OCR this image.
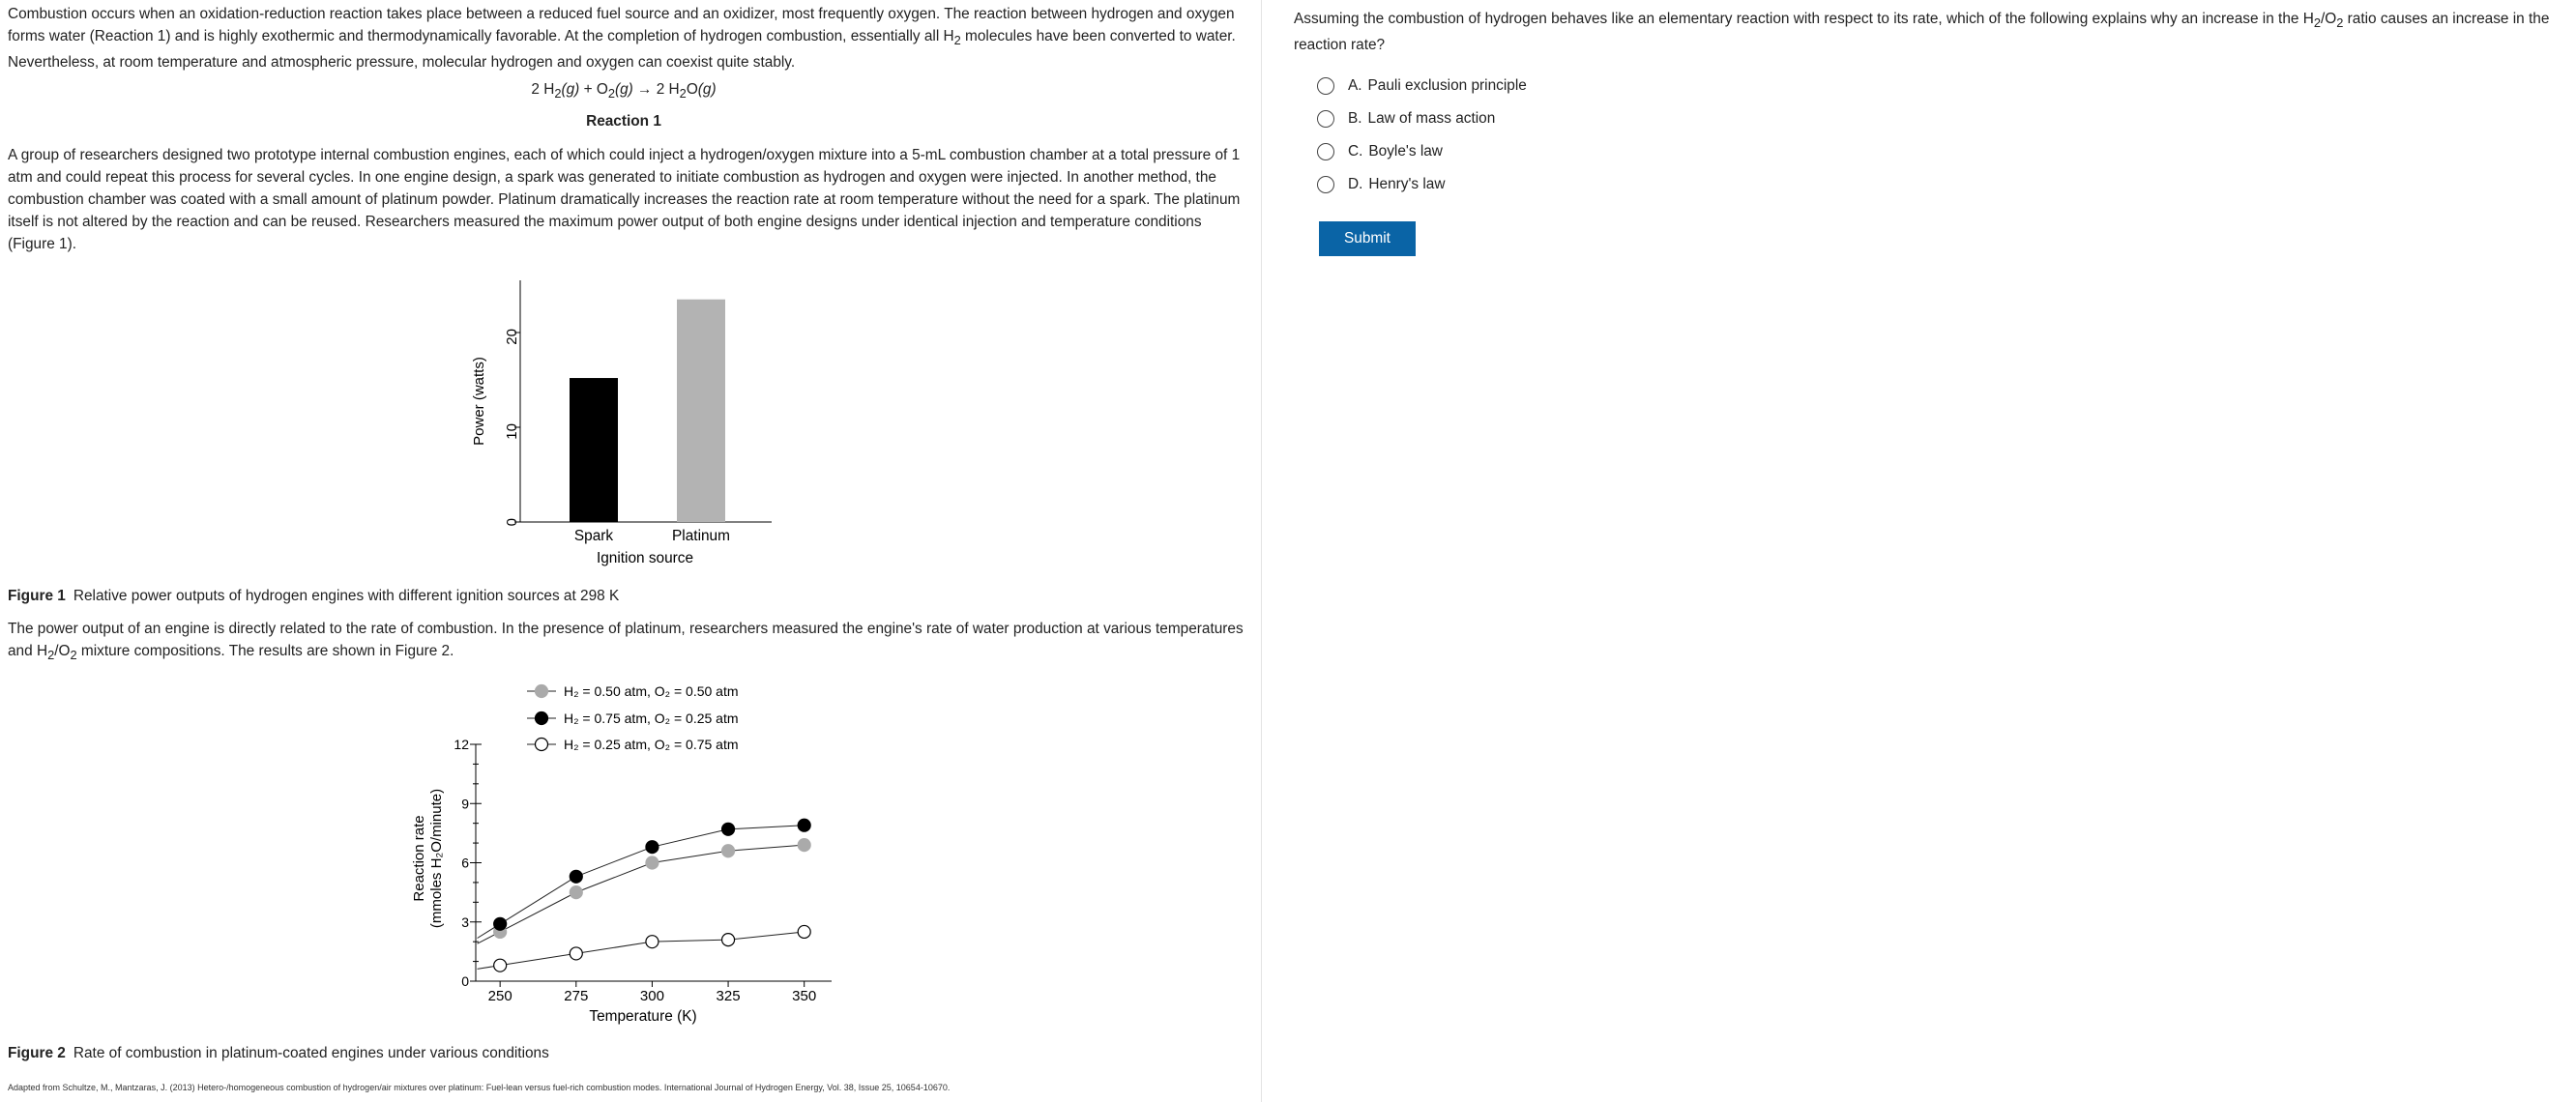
Combustion occurs when an oxidation-reduction reaction takes place between a reduced fuel source and an oxidizer, most frequently oxygen. The reaction between hydrogen and oxygen forms water (Reaction 1) and is highly exothermic and thermodynamically favorable. At the completion of hydrogen combustion, essentially all $H_2$ molecules have been converted to water. Nevertheless, at room temperature and atmospheric pressure, molecular hydrogen and oxygen can coexist quite stably.

2 $H_2(g) + O_2(g) \to 2$ $H_2O(g)$
Reaction 1

A group of researchers designed two prototype internal combustion engines, each of which could inject a hydrogen/oxygen mixture into a 5-mL combustion chamber at a total pressure of 1 atm and could repeat this process for several cycles. In one engine design, a spark was generated to initiate combustion as hydrogen and oxygen were injected. In another method, the combustion chamber was coated with a small amount of platinum powder. Platinum dramatically increases the reaction rate at room temperature without the need for a spark. The platinum itself is not altered by the reaction and can be reused. Researchers measured the maximum power output of both engine designs under identical injection and temperature conditions (Figure 1).

0
10
20
Spark	Platinum
Power (watts)
Ignition source
Figure 1 Relative power outputs of hydrogen engines with different ignition sources at 298 K

The power output of an engine is directly related to the rate of combustion. In the presence of platinum, researchers measured the engine's rate of water production at various temperatures and $H_2/O_2$ mixture compositions. The results are shown in Figure 2.

H₂ = 0.50 atm, O₂ = 0.50 atm
H₂ = 0.75 atm, O₂ = 0.25 atm
H₂ = 0.25 atm, O₂ = 0.75 atm
0
3
6
9
12
250	275	300	325	350
Reaction rate (mmoles H₂O/minute)
Temperature (K)
Figure 2 Rate of combustion in platinum-coated engines under various conditions
Adapted from Schultze, M., Mantzaras, J. (2013) Hetero-/homogeneous combustion of hydrogen/air mixtures over platinum: Fuel-lean versus fuel-rich combustion modes. International Journal of Hydrogen Energy, Vol. 38, Issue 25, 10654-10670.

Assuming the combustion of hydrogen behaves like an elementary reaction with respect to its rate, which of the following explains why an increase in the $H_2/O_2$ ratio causes an increase in the reaction rate?

A. Pauli exclusion principle
B. Law of mass action
C. Boyle's law
D. Henry's law
Submit
